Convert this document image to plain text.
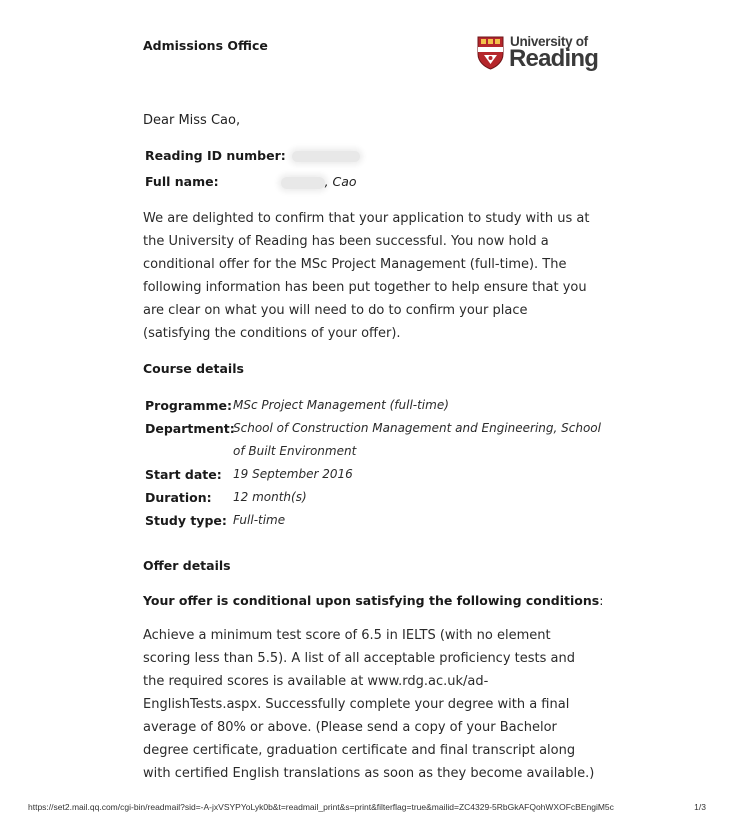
Admissions Office	University of
Reading
Dear Miss Cao,
Reading ID number:
Full name:	, Cao

We are delighted to confirm that your application to study with us at the University of Reading has been successful. You now hold a conditional offer for the MSc Project Management (full-time). The following information has been put together to help ensure that you are clear on what you will need to do to confirm your place (satisfying the conditions of your offer).

Course details
Programme: MSc Project Management (full-time)
Department:
School of Construction Management and Engineering, School of Built Environment
Start date: 19 September 2016
Duration:	12 month(s)
Study type: Full-time
Offer details
Your offer is conditional upon satisfying the following conditions:

Achieve a minimum test score of 6.5 in IELTS (with no element scoring less than 5.5). A list of all acceptable proficiency tests and the required scores is available at www.rdg.ac.uk/ad-EnglishTests.aspx. Successfully complete your degree with a final average of 80% or above. (Please send a copy of your Bachelor degree certificate, graduation certificate and final transcript along with certified English translations as soon as they become available.)

https://set2.mail.qq.com/cgi-bin/readmail?sid=-A-jxVSYPYoLyk0b&t=readmail_print&s=print&filterflag=true&mailid=ZC4329-5RbGkAFQohWXOFcBEngiM5c	1/3
